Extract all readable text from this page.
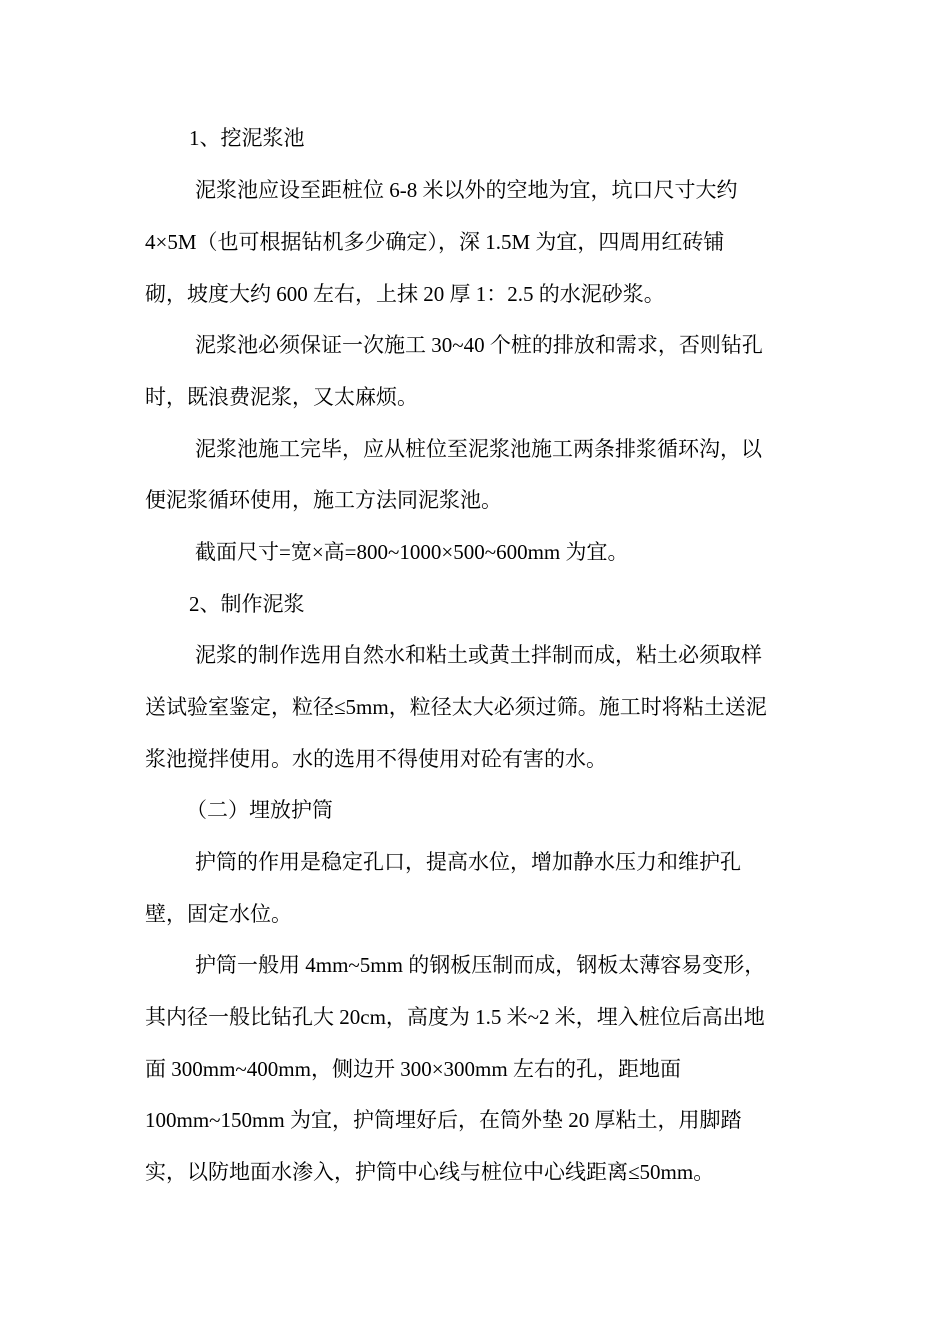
1、挖泥浆池
泥浆池应设至距桩位 6-8 米以外的空地为宜，坑口尺寸大约
4×5M（也可根据钻机多少确定），深 1.5M 为宜，四周用红砖铺
砌，坡度大约 600 左右，上抹 20 厚 1：2.5 的水泥砂浆。
泥浆池必须保证一次施工 30~40 个桩的排放和需求，否则钻孔
时，既浪费泥浆，又太麻烦。
泥浆池施工完毕，应从桩位至泥浆池施工两条排浆循环沟，以
便泥浆循环使用，施工方法同泥浆池。
截面尺寸=宽×高=800~1000×500~600mm 为宜。
2、制作泥浆
泥浆的制作选用自然水和粘土或黄土拌制而成，粘土必须取样
送试验室鉴定，粒径≤5mm，粒径太大必须过筛。施工时将粘土送泥
浆池搅拌使用。水的选用不得使用对砼有害的水。
（二）埋放护筒
护筒的作用是稳定孔口，提高水位，增加静水压力和维护孔
壁，固定水位。
护筒一般用 4mm~5mm 的钢板压制而成，钢板太薄容易变形，
其内径一般比钻孔大 20cm，高度为 1.5 米~2 米，埋入桩位后高出地
面 300mm~400mm，侧边开 300×300mm 左右的孔，距地面
100mm~150mm 为宜，护筒埋好后，在筒外垫 20 厚粘土，用脚踏
实，以防地面水渗入，护筒中心线与桩位中心线距离≤50mm。
